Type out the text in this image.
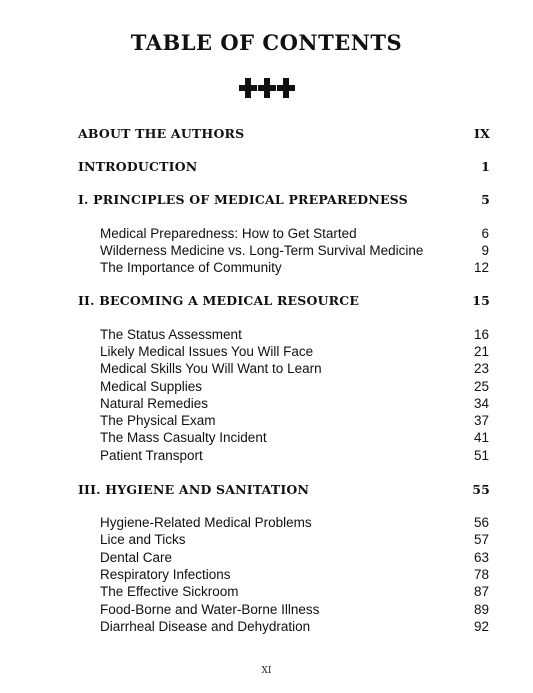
TABLE OF CONTENTS
ABOUT THE AUTHORS	IX
INTRODUCTION	1
I. PRINCIPLES OF MEDICAL PREPAREDNESS	5
Medical Preparedness: How to Get Started	6
Wilderness Medicine vs. Long-Term Survival Medicine	9
The Importance of Community	12
II. BECOMING A MEDICAL RESOURCE	15
The Status Assessment	16
Likely Medical Issues You Will Face	21
Medical Skills You Will Want to Learn	23
Medical Supplies	25
Natural Remedies	34
The Physical Exam	37
The Mass Casualty Incident	41
Patient Transport	51
III. HYGIENE AND SANITATION	55
Hygiene-Related Medical Problems	56
Lice and Ticks	57
Dental Care	63
Respiratory Infections	78
The Effective Sickroom	87
Food-Borne and Water-Borne Illness	89
Diarrheal Disease and Dehydration	92
XI
